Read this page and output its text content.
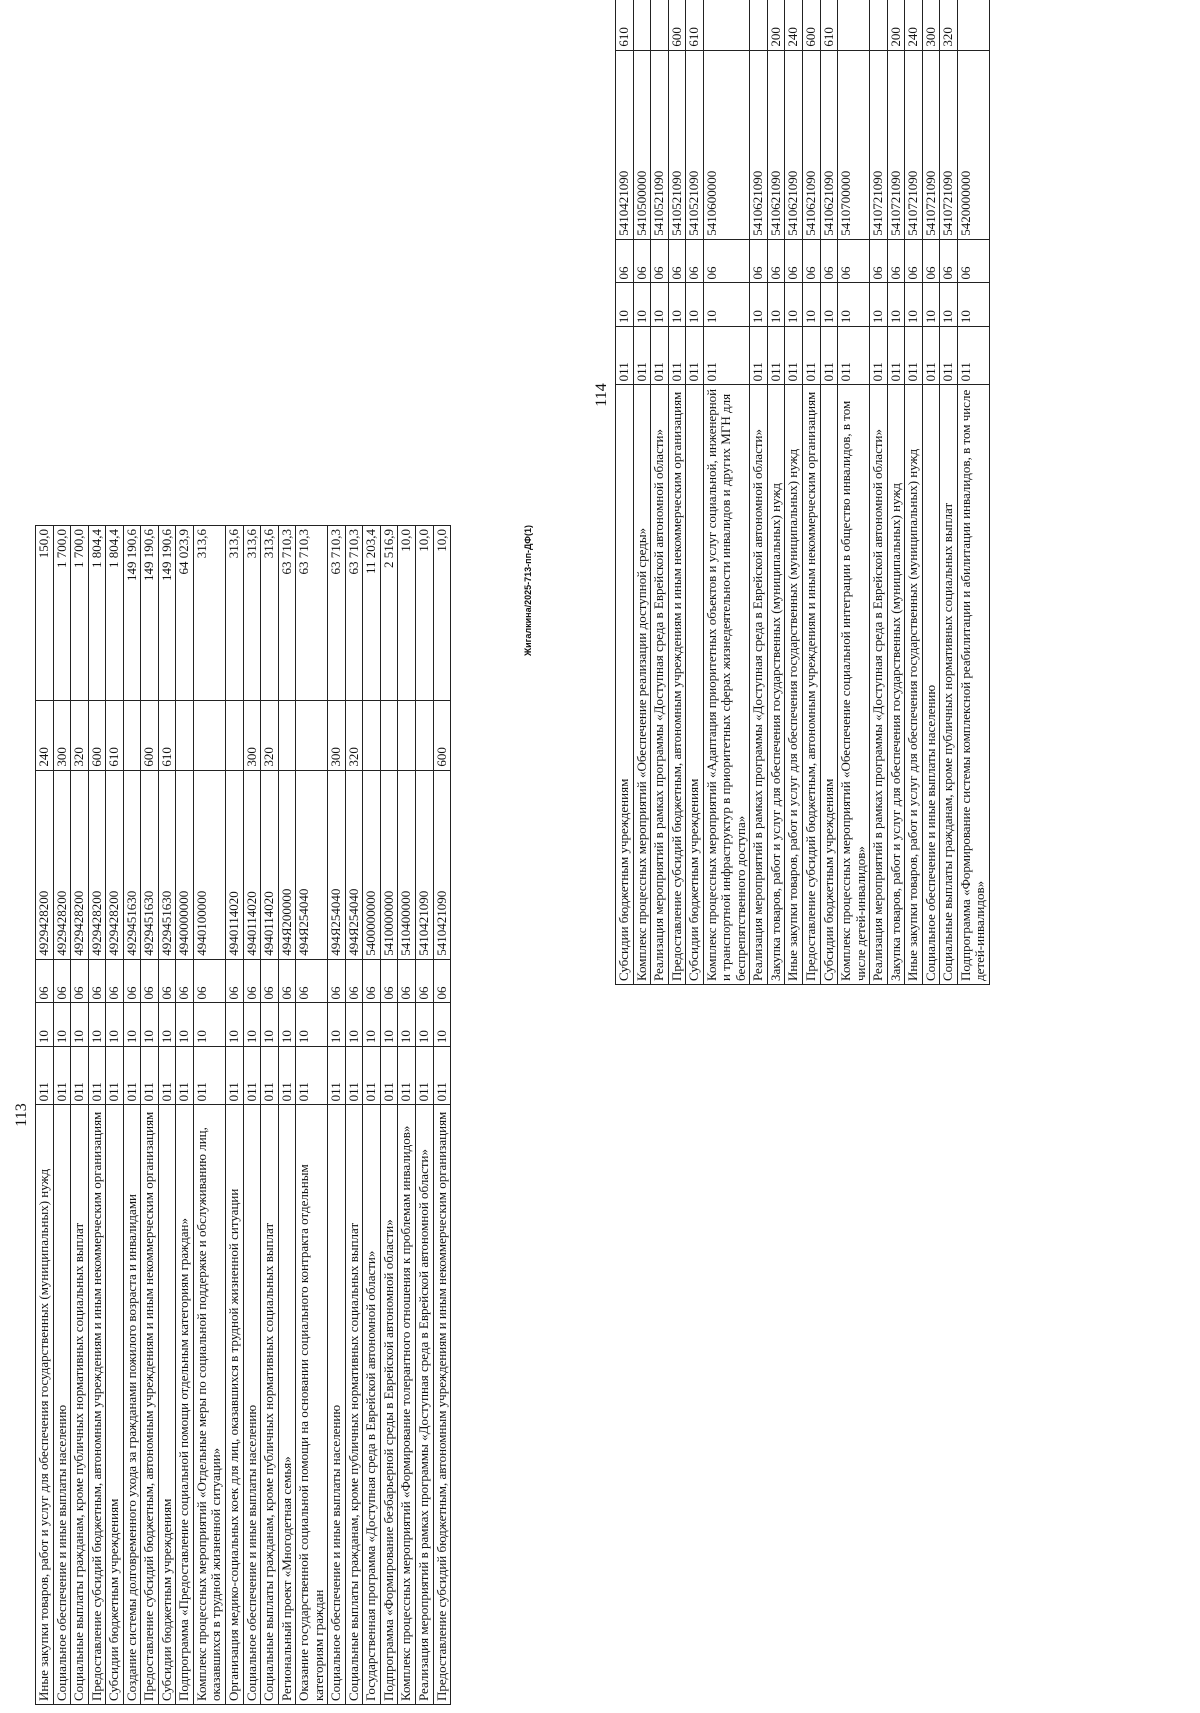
113
Иные закупки товаров, работ и услуг для обеспечения государственных (муниципальных) нужд	011	10	06	4929428200	240	150,0
Социальное обеспечение и иные выплаты населению	011	10	06	4929428200	300	1 700,0
Социальные выплаты гражданам, кроме публичных нормативных социальных выплат	011	10	06	4929428200	320	1 700,0
Предоставление субсидий бюджетным, автономным учреждениям и иным некоммерческим организациям	011	10	06	4929428200	600	1 804,4
Субсидии бюджетным учреждениям	011	10	06	4929428200	610	1 804,4
Создание системы долговременного ухода за гражданами пожилого возраста и инвалидами	011	10	06	4929451630		149 190,6
Предоставление субсидий бюджетным, автономным учреждениям и иным некоммерческим организациям	011	10	06	4929451630	600	149 190,6
Субсидии бюджетным учреждениям	011	10	06	4929451630	610	149 190,6
Подпрограмма «Предоставление социальной помощи отдельным категориям граждан»	011	10	06	4940000000		64 023,9
Комплекс процессных мероприятий «Отдельные меры по социальной поддержке и обслуживанию лиц, оказавшихся в трудной жизненной ситуации»	011	10	06	4940100000		313,6
Организация медико-социальных коек для лиц, оказавшихся в трудной жизненной ситуации	011	10	06	4940114020		313,6
Социальное обеспечение и иные выплаты населению	011	10	06	4940114020	300	313,6
Социальные выплаты гражданам, кроме публичных нормативных социальных выплат	011	10	06	4940114020	320	313,6
Региональный проект «Многодетная семья»	011	10	06	494Я200000		63 710,3
Оказание государственной социальной помощи на основании социального контракта отдельным категориям граждан	011	10	06	494Я254040		63 710,3
Социальное обеспечение и иные выплаты населению	011	10	06	494Я254040	300	63 710,3
Социальные выплаты гражданам, кроме публичных нормативных социальных выплат	011	10	06	494Я254040	320	63 710,3
Государственная программа «Доступная среда в Еврейской автономной области»	011	10	06	5400000000		11 203,4
Подпрограмма «Формирование безбарьерной среды в Еврейской автономной области»	011	10	06	5410000000		2 516,9
Комплекс процессных мероприятий «Формирование толерантного отношения к проблемам инвалидов»	011	10	06	5410400000		10,0
Реализация мероприятий в рамках программы «Доступная среда в Еврейской автономной области»	011	10	06	5410421090		10,0
Предоставление субсидий бюджетным, автономным учреждениям и иным некоммерческим организациям	011	10	06	5410421090	600	10,0	Жигалкина/2025-713-пп-ДФ(1)
114
Субсидии бюджетным учреждениям	011	10	06	5410421090	610	
Комплекс процессных мероприятий «Обеспечение реализации доступной среды»	011	10	06	5410500000		
Реализация мероприятий в рамках программы «Доступная среда в Еврейской автономной области»	011	10	06	5410521090		
Предоставление субсидий бюджетным, автономным учреждениям и иным некоммерческим организациям	011	10	06	5410521090	600	
Субсидии бюджетным учреждениям	011	10	06	5410521090	610	
Комплекс процессных мероприятий «Адаптация приоритетных объектов и услуг социальной, инженерной и транспортной инфраструктур в приоритетных сферах жизнедеятельности инвалидов и других МГН для беспрепятственного доступа»	011	10	06	5410600000		
Реализация мероприятий в рамках программы «Доступная среда в Еврейской автономной области»	011	10	06	5410621090		
Закупка товаров, работ и услуг для обеспечения государственных (муниципальных) нужд	011	10	06	5410621090	200	
Иные закупки товаров, работ и услуг для обеспечения государственных (муниципальных) нужд	011	10	06	5410621090	240	
Предоставление субсидий бюджетным, автономным учреждениям и иным некоммерческим организациям	011	10	06	5410621090	600	
Субсидии бюджетным учреждениям	011	10	06	5410621090	610	
Комплекс процессных мероприятий «Обеспечение социальной интеграции в общество инвалидов, в том числе детей-инвалидов»	011	10	06	5410700000		
Реализация мероприятий в рамках программы «Доступная среда в Еврейской автономной области»	011	10	06	5410721090		
Закупка товаров, работ и услуг для обеспечения государственных (муниципальных) нужд	011	10	06	5410721090	200	
Иные закупки товаров, работ и услуг для обеспечения государственных (муниципальных) нужд	011	10	06	5410721090	240	
Социальное обеспечение и иные выплаты населению	011	10	06	5410721090	300	
Социальные выплаты гражданам, кроме публичных нормативных социальных выплат	011	10	06	5410721090	320	
Подпрограмма «Формирование системы комплексной реабилитации и абилитации инвалидов, в том числе детей-инвалидов»	011	10	06	5420000000		
